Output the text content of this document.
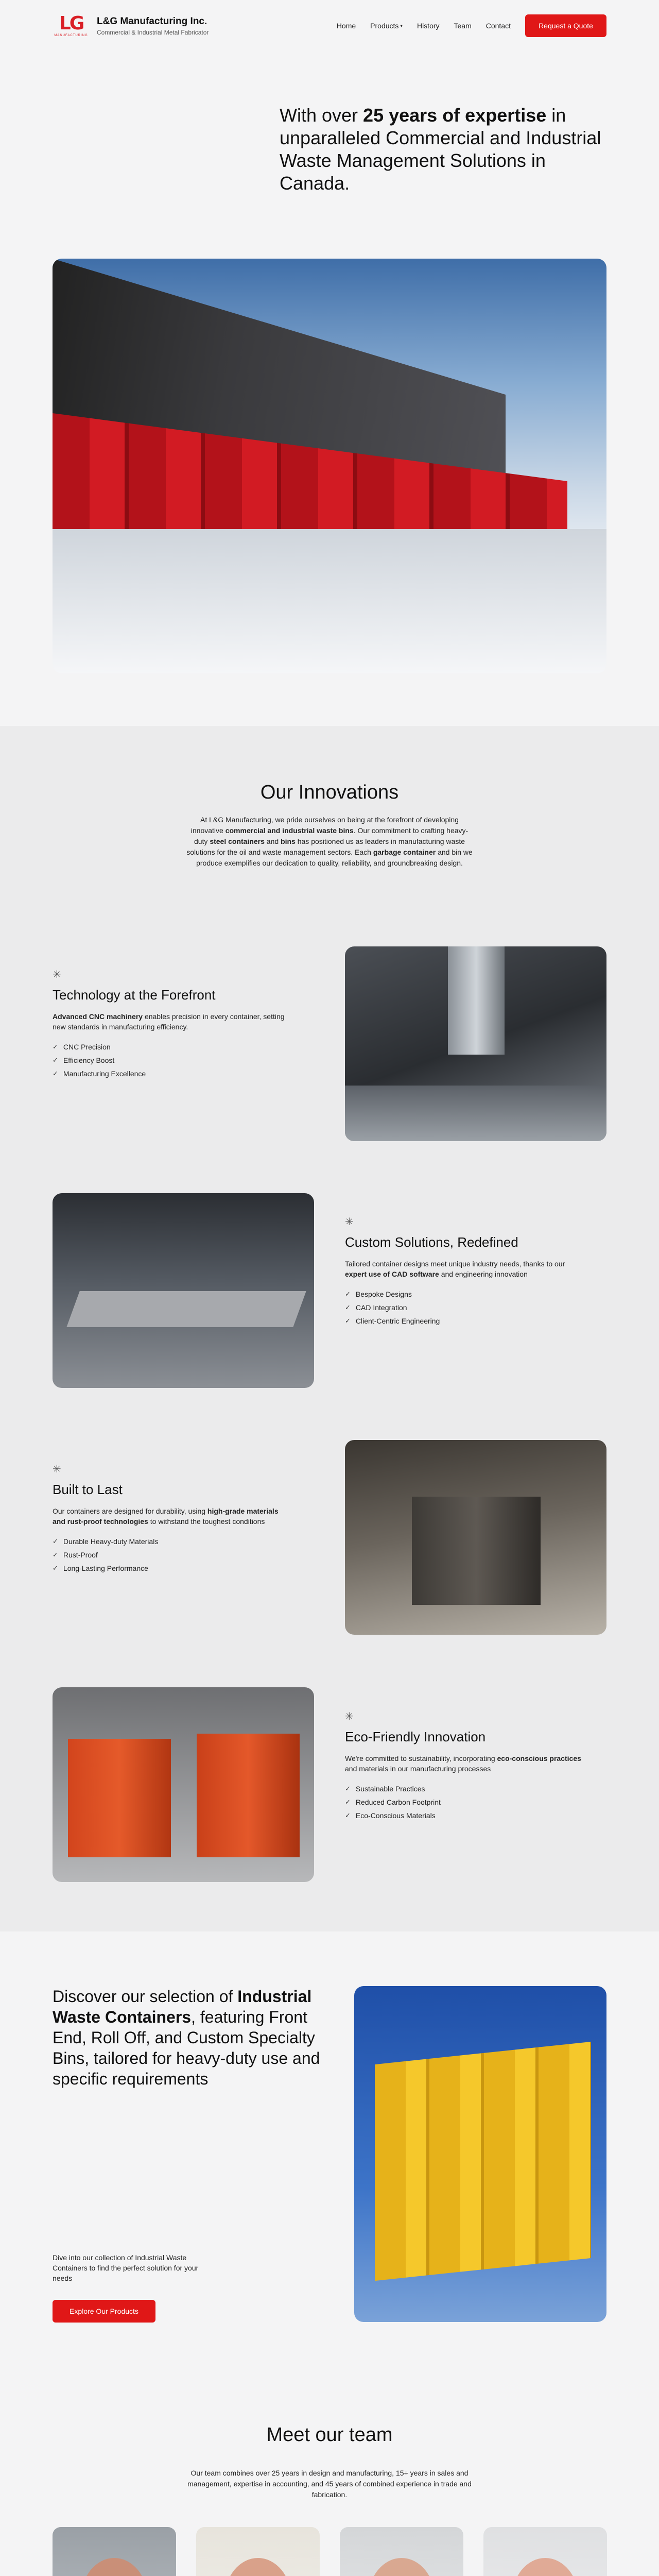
LG
MANUFACTURING
L&G Manufacturing Inc.
Commercial & Industrial Metal Fabricator
Home Products ▾ History Team Contact	Request a Quote
With over 25 years of expertise in unparalleled Commercial and Industrial Waste Management Solutions in Canada.
Our Innovations

At L&G Manufacturing, we pride ourselves on being at the forefront of developing innovative commercial and industrial waste bins. Our commitment to crafting heavy-duty steel containers and bins has positioned us as leaders in manufacturing waste solutions for the oil and waste management sectors. Each garbage container and bin we produce exemplifies our dedication to quality, reliability, and groundbreaking design.

✳
Technology at the Forefront

Advanced CNC machinery enables precision in every container, setting new standards in manufacturing efficiency.

✓ CNC Precision
✓ Efficiency Boost
✓ Manufacturing Excellence
✳
Custom Solutions, Redefined

Tailored container designs meet unique industry needs, thanks to our expert use of CAD software and engineering innovation

✓ Bespoke Designs
✓ CAD Integration
✓ Client-Centric Engineering
✳
Built to Last

Our containers are designed for durability, using high-grade materials and rust-proof technologies to withstand the toughest conditions

✓ Durable Heavy-duty Materials
✓ Rust-Proof
✓ Long-Lasting Performance
✳
Eco-Friendly Innovation

We're committed to sustainability, incorporating eco-conscious practices and materials in our manufacturing processes

✓ Sustainable Practices
✓ Reduced Carbon Footprint
✓ Eco-Conscious Materials
Discover our selection of Industrial Waste Containers, featuring Front End, Roll Off, and Custom Specialty Bins, tailored for heavy-duty use and specific requirements

Dive into our collection of Industrial Waste Containers to find the perfect solution for your needs

Explore Our Products
Meet our team

Our team combines over 25 years in design and manufacturing, 15+ years in sales and management, expertise in accounting, and 45 years of combined experience in trade and fabrication.
